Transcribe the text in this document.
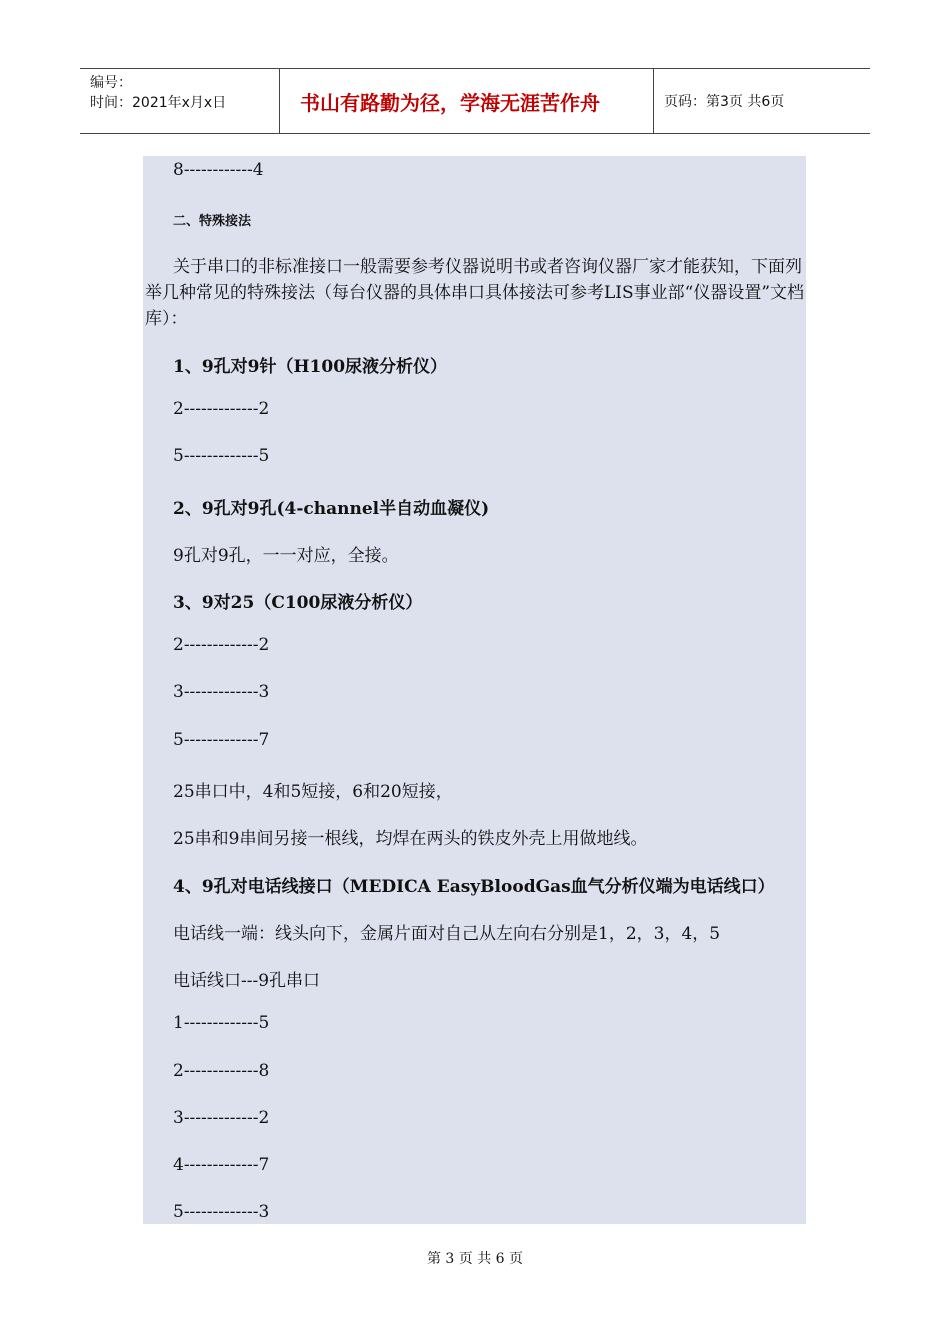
编号：
时间：2021年x月x日	书山有路勤为径，学海无涯苦作舟	页码：第3页 共6页
8------------4
二、特殊接法
关于串口的非标准接口一般需要参考仪器说明书或者咨询仪器厂家才能获知，下面列举几种常见的特殊接法（每台仪器的具体串口具体接法可参考LIS事业部“仪器设置”文档库）：
1、9孔对9针（H100尿液分析仪）
2-------------2
5-------------5
2、9孔对9孔(4-channel半自动血凝仪)
9孔对9孔，一一对应，全接。
3、9对25（C100尿液分析仪）
2-------------2
3-------------3
5-------------7
25串口中，4和5短接，6和20短接，
25串和9串间另接一根线，均焊在两头的铁皮外壳上用做地线。
4、9孔对电话线接口（MEDICA EasyBloodGas血气分析仪端为电话线口）
电话线一端：线头向下，金属片面对自己从左向右分别是1，2，3，4，5
电话线口---9孔串口
1-------------5
2-------------8
3-------------2
4-------------7
5-------------3
第 3 页 共 6 页
